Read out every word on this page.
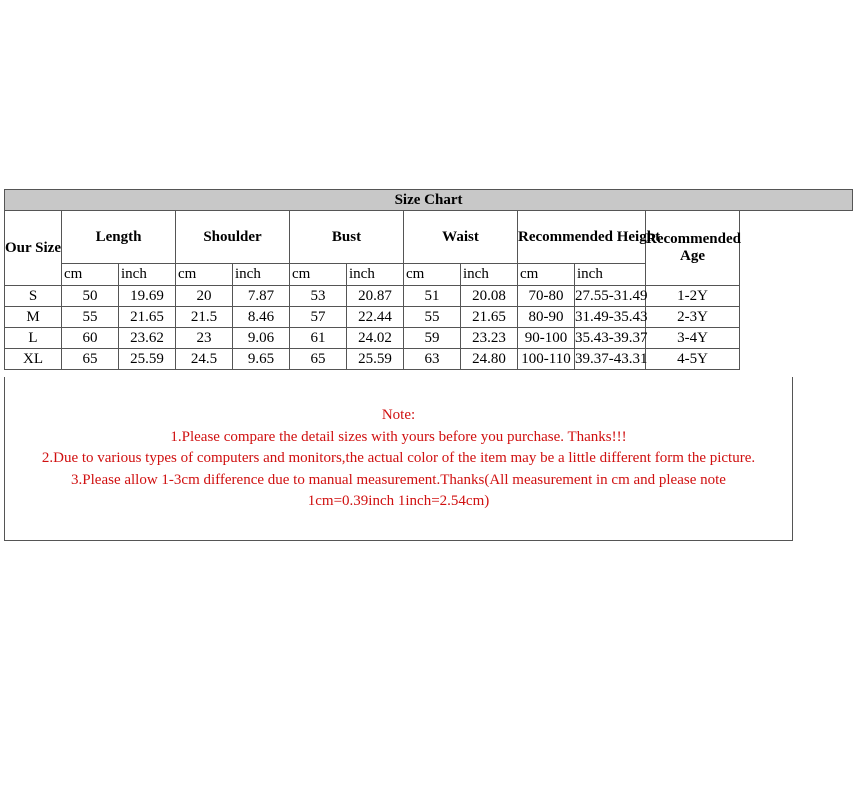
Size Chart											
Our Size	Length		Shoulder		Bust		Waist		Recommended Height		Recommended Age
	cm	inch	cm	inch	cm	inch	cm	inch	cm	inch	
S	50	19.69	20	7.87	53	20.87	51	20.08	70-80	27.55-31.49	1-2Y
M	55	21.65	21.5	8.46	57	22.44	55	21.65	80-90	31.49-35.43	2-3Y
L	60	23.62	23	9.06	61	24.02	59	23.23	90-100	35.43-39.37	3-4Y
XL	65	25.59	24.5	9.65	65	25.59	63	24.80	100-110	39.37-43.31	4-5Y
Note:
1.Please compare the detail sizes with yours before you purchase. Thanks!!!
2.Due to various types of computers and monitors,the actual color of the item may be a little different form the picture.
3.Please allow 1-3cm difference due to manual measurement.Thanks(All measurement in cm and please note
1cm=0.39inch 1inch=2.54cm)
